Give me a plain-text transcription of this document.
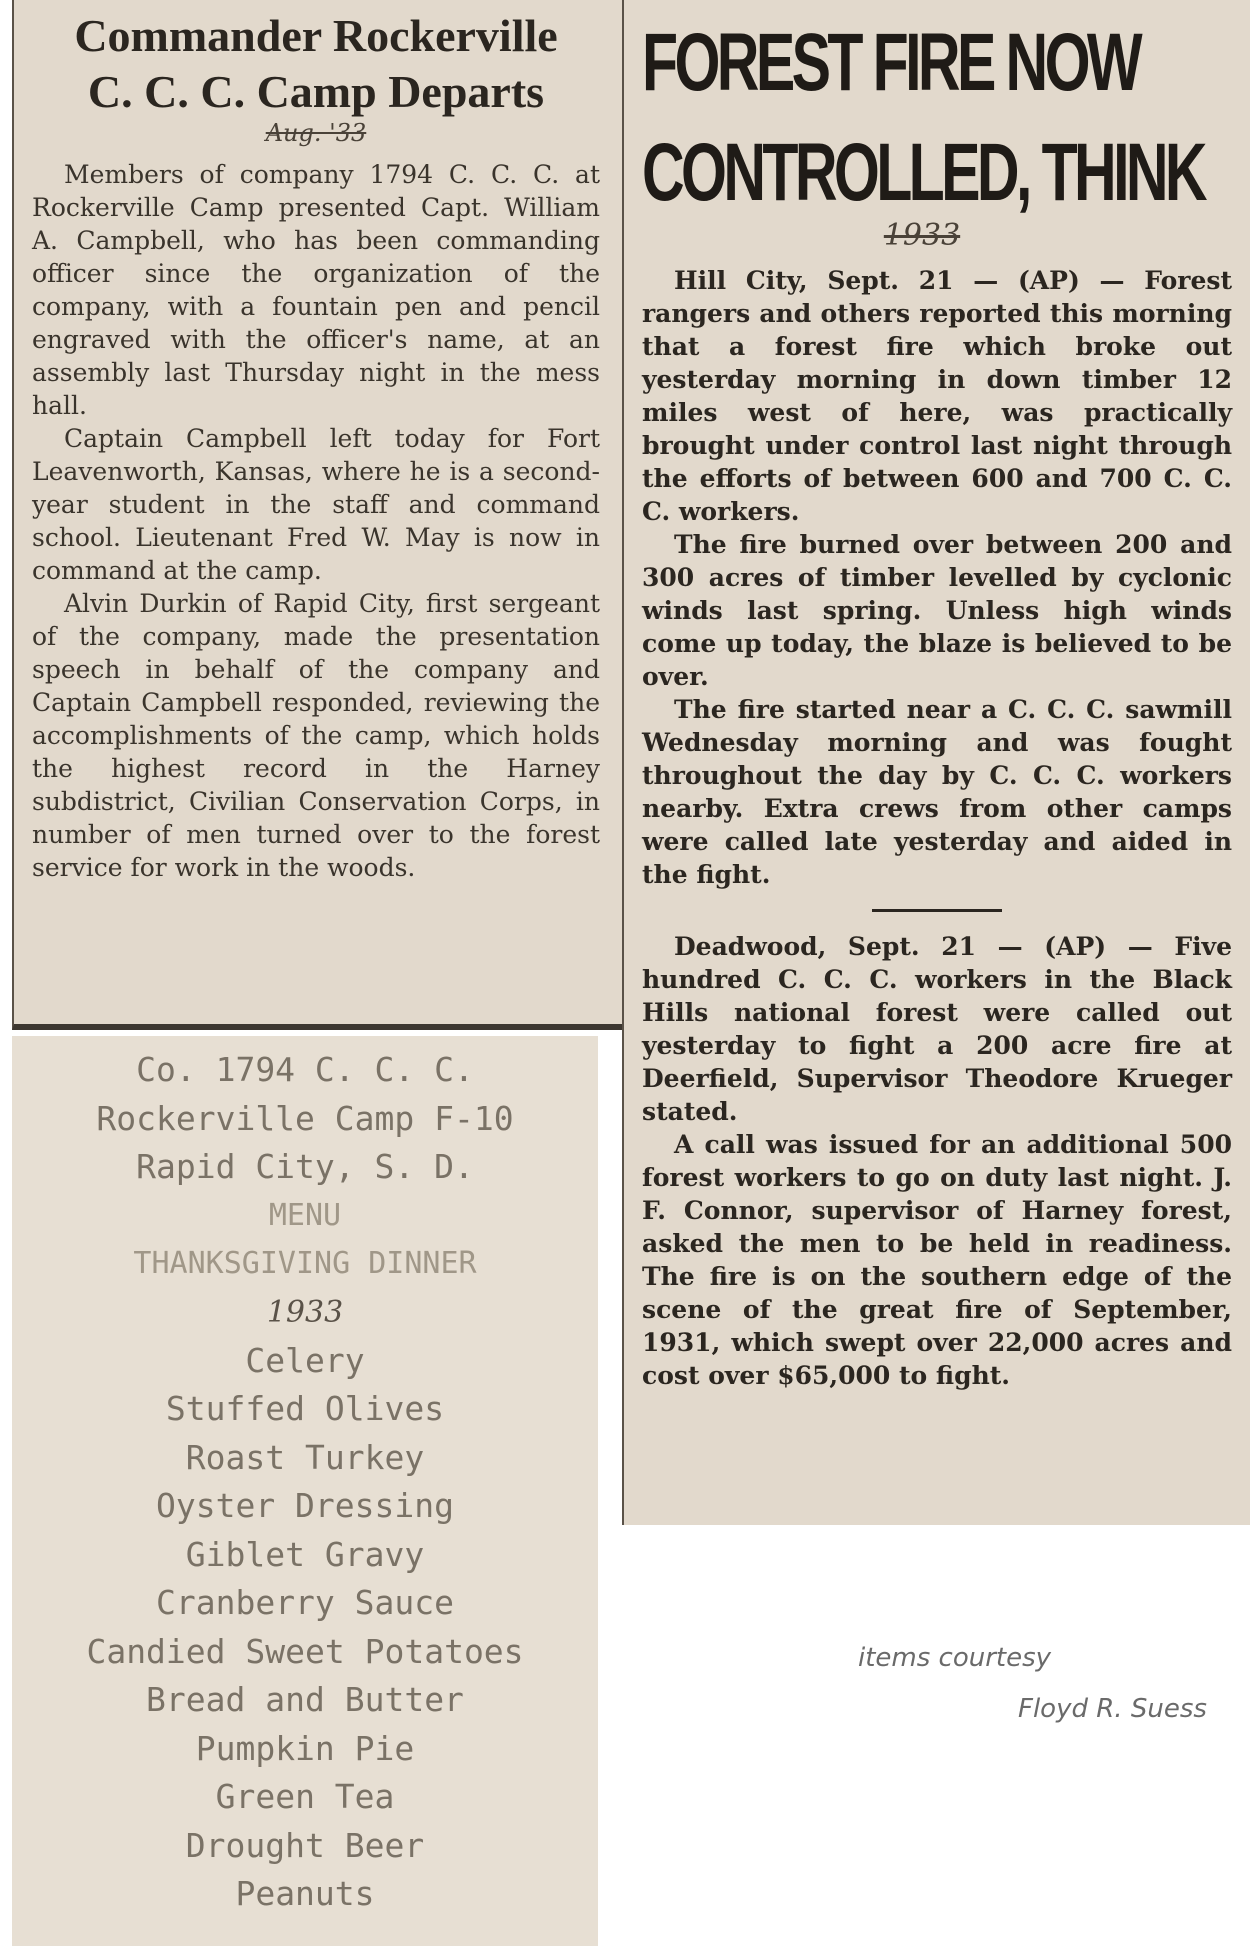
Commander Rockerville
C. C. C. Camp Departs
Aug. '33

Members of company 1794 C. C. C. at Rockerville Camp presented Capt. William A. Campbell, who has been commanding officer since the organization of the company, with a fountain pen and pencil engraved with the officer's name, at an assembly last Thursday night in the mess hall.

Captain Campbell left today for Fort Leavenworth, Kansas, where he is a second-year student in the staff and command school. Lieutenant Fred W. May is now in command at the camp.

Alvin Durkin of Rapid City, first sergeant of the company, made the presentation speech in behalf of the company and Captain Campbell responded, reviewing the accomplishments of the camp, which holds the highest record in the Harney subdistrict, Civilian Conservation Corps, in number of men turned over to the forest service for work in the woods.

FOREST FIRE NOW
CONTROLLED, THINK
1933

Hill City, Sept. 21 — (AP) — Forest rangers and others reported this morning that a forest fire which broke out yesterday morning in down timber 12 miles west of here, was practically brought under control last night through the efforts of between 600 and 700 C. C. C. workers.

The fire burned over between 200 and 300 acres of timber levelled by cyclonic winds last spring. Unless high winds come up today, the blaze is believed to be over.

The fire started near a C. C. C. sawmill Wednesday morning and was fought throughout the day by C. C. C. workers nearby. Extra crews from other camps were called late yesterday and aided in the fight.

Deadwood, Sept. 21 — (AP) — Five hundred C. C. C. workers in the Black Hills national forest were called out yesterday to fight a 200 acre fire at Deerfield, Supervisor Theodore Krueger stated.

A call was issued for an additional 500 forest workers to go on duty last night. J. F. Connor, supervisor of Harney forest, asked the men to be held in readiness. The fire is on the southern edge of the scene of the great fire of September, 1931, which swept over 22,000 acres and cost over $65,000 to fight.

Co. 1794 C. C. C.

Rockerville Camp F-10

Rapid City, S. D.

MENU

THANKSGIVING DINNER

1933

Celery

Stuffed Olives

Roast Turkey

Oyster Dressing

Giblet Gravy

Cranberry Sauce

Candied Sweet Potatoes

Bread and Butter

Pumpkin Pie

Green Tea

Drought Beer

Peanuts

items courtesy
Floyd R. Suess
